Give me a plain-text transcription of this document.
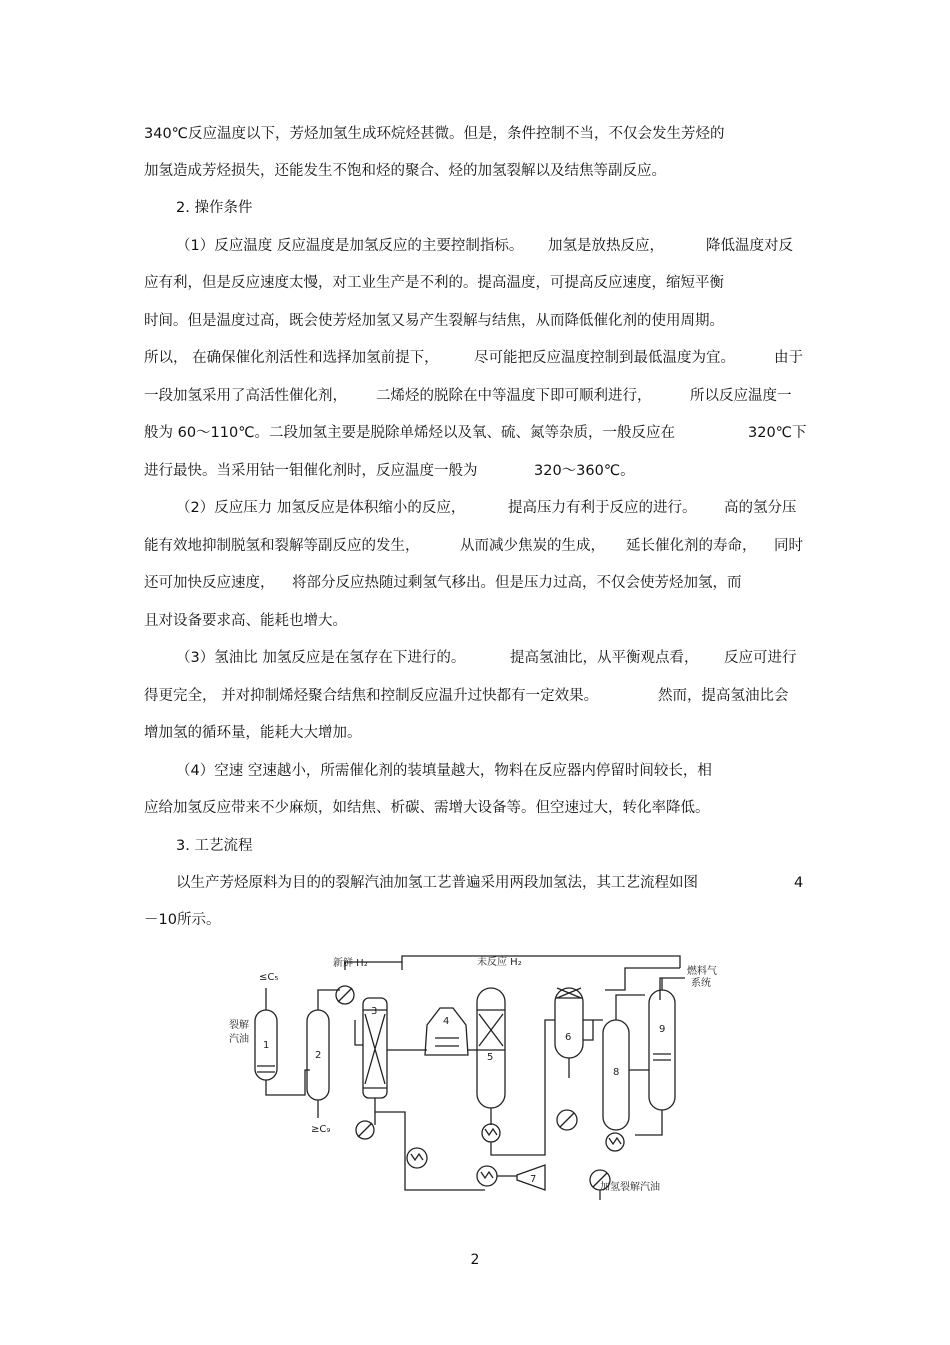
340℃反应温度以下，芳烃加氢生成环烷烃甚微。但是，条件控制不当，不仅会发生芳烃的
加氢造成芳烃损失，还能发生不饱和烃的聚合、烃的加氢裂解以及结焦等副反应。
2. 操作条件
（1）反应温度 反应温度是加氢反应的主要控制指标。 加氢是放热反应，	降低温度对反
应有利，但是反应速度太慢，对工业生产是不利的。提高温度，可提高反应速度，缩短平衡
时间。但是温度过高，既会使芳烃加氢又易产生裂解与结焦，从而降低催化剂的使用周期。
所以， 在确保催化剂活性和选择加氢前提下， 尽可能把反应温度控制到最低温度为宜。	由于
一段加氢采用了高活性催化剂， 二烯烃的脱除在中等温度下即可顺利进行，	所以反应温度一
般为 60～110℃。二段加氢主要是脱除单烯烃以及氧、硫、氮等杂质，一般反应在	320℃下
进行最快。当采用钴一钼催化剂时，反应温度一般为	320～360℃。
（2）反应压力 加氢反应是体积缩小的反应，	提高压力有利于反应的进行。 高的氢分压
能有效地抑制脱氢和裂解等副反应的发生，	从而减少焦炭的生成， 延长催化剂的寿命， 同时
还可加快反应速度， 将部分反应热随过剩氢气移出。但是压力过高，不仅会使芳烃加氢，而
且对设备要求高、能耗也增大。
（3）氢油比 加氢反应是在氢存在下进行的。	提高氢油比，从平衡观点看， 反应可进行
得更完全， 并对抑制烯烃聚合结焦和控制反应温升过快都有一定效果。	然而，提高氢油比会
增加氢的循环量，能耗大大增加。
（4）空速 空速越小，所需催化剂的装填量越大，物料在反应器内停留时间较长，相
应给加氢反应带来不少麻烦，如结焦、析碳、需增大设备等。但空速过大，转化率降低。
3. 工艺流程
以生产芳烃原料为目的的裂解汽油加氢工艺普遍采用两段加氢法，其工艺流程如图	4
－10所示。
≤C₅
裂解
汽油
≥C₉
新鲜 H₂	未反应 H₂
燃料气
系统
加氢裂解汽油
1
2
3
4
5
6
7
8
9
2
